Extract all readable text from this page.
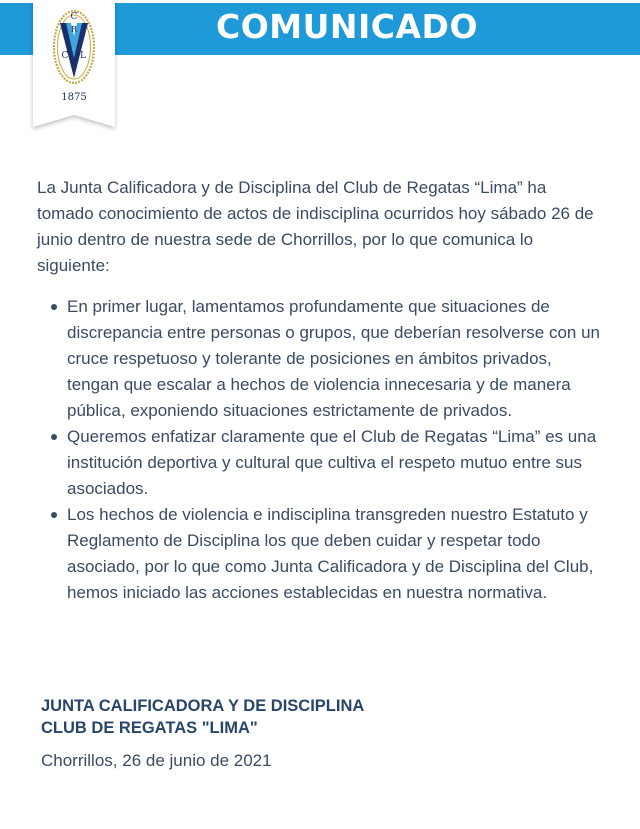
COMUNICADO
C
R
C L
1875

La Junta Calificadora y de Disciplina del Club de Regatas “Lima” ha tomado conocimiento de actos de indisciplina ocurridos hoy sábado 26 de junio dentro de nuestra sede de Chorrillos, por lo que comunica lo siguiente:

En primer lugar, lamentamos profundamente que situaciones de discrepancia entre personas o grupos, que deberían resolverse con un cruce respetuoso y tolerante de posiciones en ámbitos privados, tengan que escalar a hechos de violencia innecesaria y de manera pública, exponiendo situaciones estrictamente de privados.
Queremos enfatizar claramente que el Club de Regatas “Lima” es una institución deportiva y cultural que cultiva el respeto mutuo entre sus asociados.
Los hechos de violencia e indisciplina transgreden nuestro Estatuto y Reglamento de Disciplina los que deben cuidar y respetar todo asociado, por lo que como Junta Calificadora y de Disciplina del Club, hemos iniciado las acciones establecidas en nuestra normativa.
JUNTA CALIFICADORA Y DE DISCIPLINA
CLUB DE REGATAS "LIMA"
Chorrillos, 26 de junio de 2021
